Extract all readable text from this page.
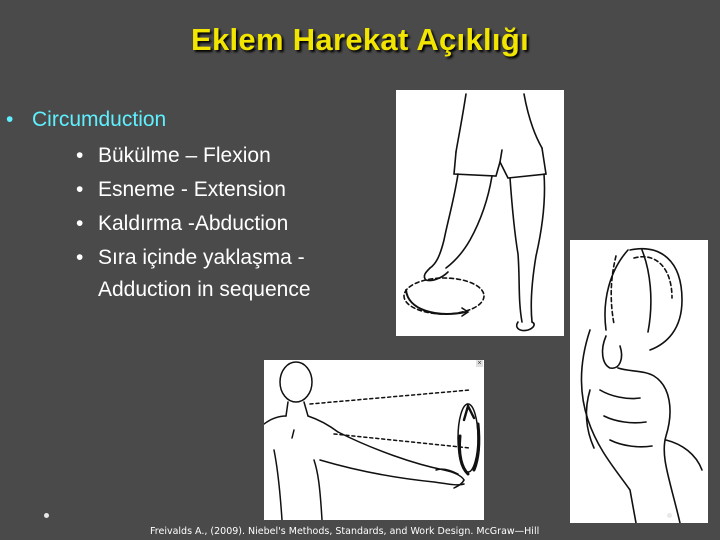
Eklem Harekat Açıklığı
• Circumduction
• Bükülme – Flexion
• Esneme - Extension
• Kaldırma -Abduction
• Sıra içinde yaklaşma -
Adduction in sequence
×
Freivalds A., (2009). Niebel's Methods, Standards, and Work Design. McGraw—Hill
